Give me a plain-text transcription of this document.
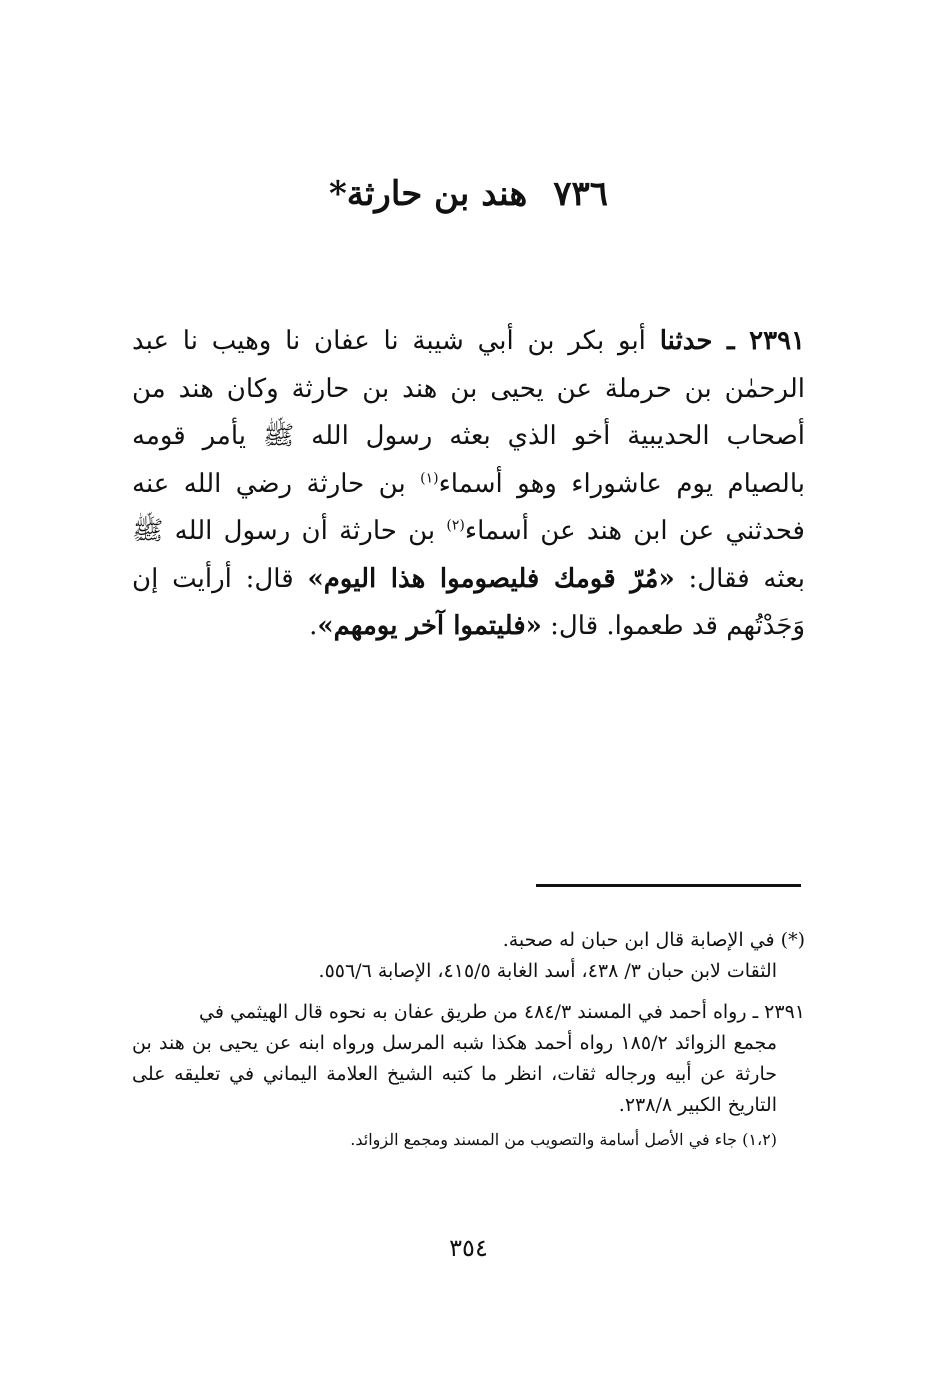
٧٣٦هند بن حارثة*
٢٣٩١ ـ حدثنا أبو بكر بن أبي شيبة نا عفان نا وهيب نا عبد الرحمٰن بن حرملة عن يحيى بن هند بن حارثة وكان هند من أصحاب الحديبية أخو الذي بعثه رسول الله ﷺ يأمر قومه بالصيام يوم عاشوراء وهو أسماء$^{(١)}$ بن حارثة رضي الله عنه فحدثني عن ابن هند عن أسماء$^{(٢)}$ بن حارثة أن رسول الله ﷺ بعثه فقال: «مُرّ قومك فليصوموا هذا اليوم» قال: أرأيت إن وَجَدْتُهم قد طعموا. قال: «فليتموا آخر يومهم».
(*) في الإصابة قال ابن حبان له صحبة.
الثقات لابن حبان ٣/ ٤٣٨، أسد الغابة ٤١٥/٥، الإصابة ٥٥٦/٦.
٢٣٩١ ـ رواه أحمد في المسند ٤٨٤/٣ من طريق عفان به نحوه قال الهيثمي في
مجمع الزوائد ١٨٥/٢ رواه أحمد هكذا شبه المرسل ورواه ابنه عن يحيى بن هند بن حارثة عن أبيه ورجاله ثقات، انظر ما كتبه الشيخ العلامة اليماني في تعليقه على التاريخ الكبير ٢٣٨/٨.
(١،٢) جاء في الأصل أسامة والتصويب من المسند ومجمع الزوائد.
٣٥٤
